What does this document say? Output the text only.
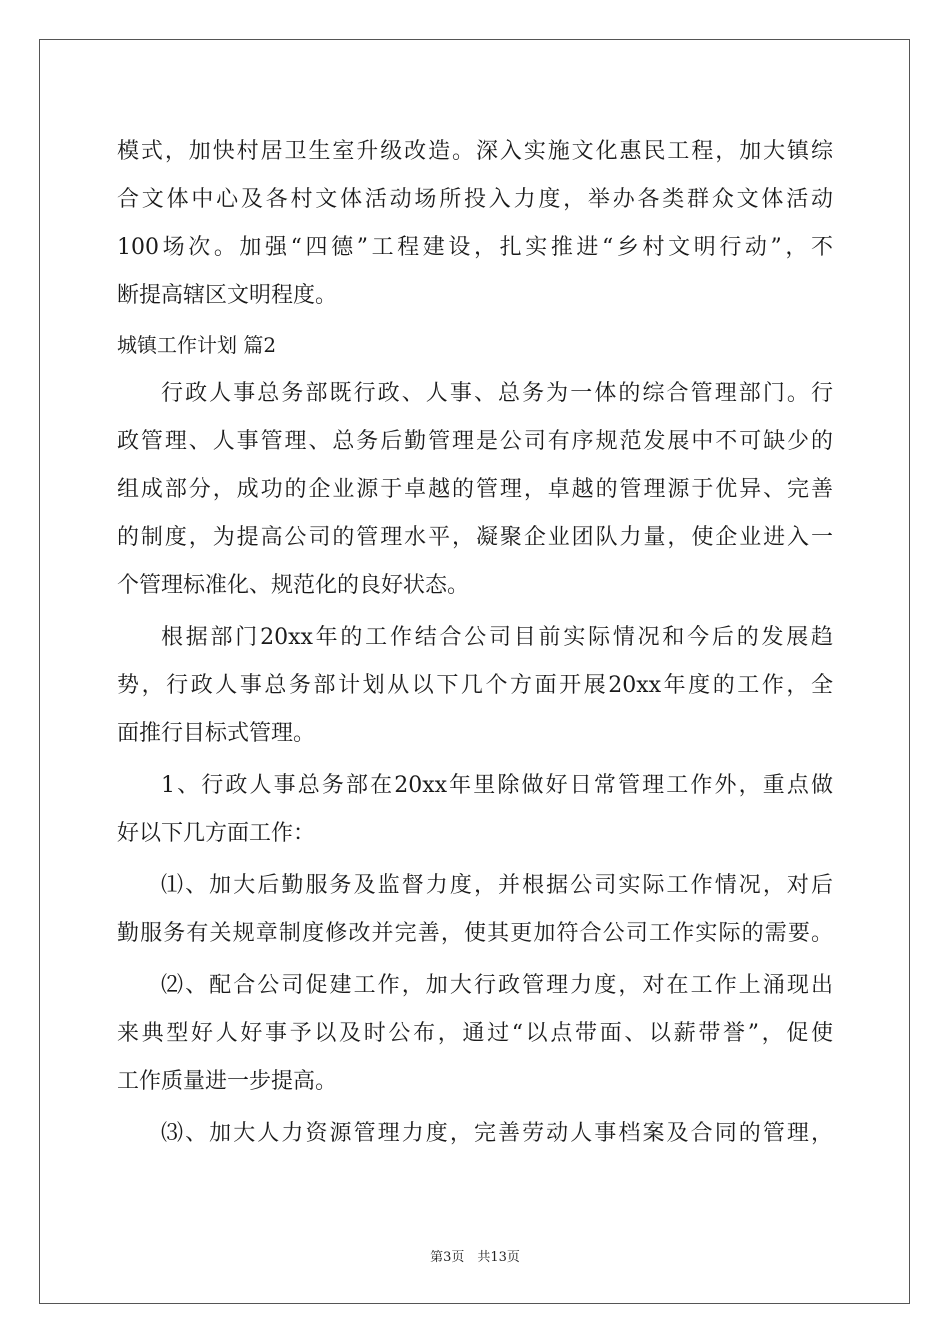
模式，加快村居卫生室升级改造。深入实施文化惠民工程，加大镇综
合文体中心及各村文体活动场所投入力度，举办各类群众文体活动
100场次。加强“四德”工程建设，扎实推进“乡村文明行动”，不
断提高辖区文明程度。
城镇工作计划 篇2
行政人事总务部既行政、人事、总务为一体的综合管理部门。行
政管理、人事管理、总务后勤管理是公司有序规范发展中不可缺少的
组成部分，成功的企业源于卓越的管理，卓越的管理源于优异、完善
的制度，为提高公司的管理水平，凝聚企业团队力量，使企业进入一
个管理标准化、规范化的良好状态。
根据部门20xx年的工作结合公司目前实际情况和今后的发展趋
势，行政人事总务部计划从以下几个方面开展20xx年度的工作，全
面推行目标式管理。
1、行政人事总务部在20xx年里除做好日常管理工作外，重点做
好以下几方面工作：
⑴、加大后勤服务及监督力度，并根据公司实际工作情况，对后
勤服务有关规章制度修改并完善，使其更加符合公司工作实际的需要。
⑵、配合公司促建工作，加大行政管理力度，对在工作上涌现出
来典型好人好事予以及时公布，通过“以点带面、以薪带誉”，促使
工作质量进一步提高。
⑶、加大人力资源管理力度，完善劳动人事档案及合同的管理，
第3页　共13页
